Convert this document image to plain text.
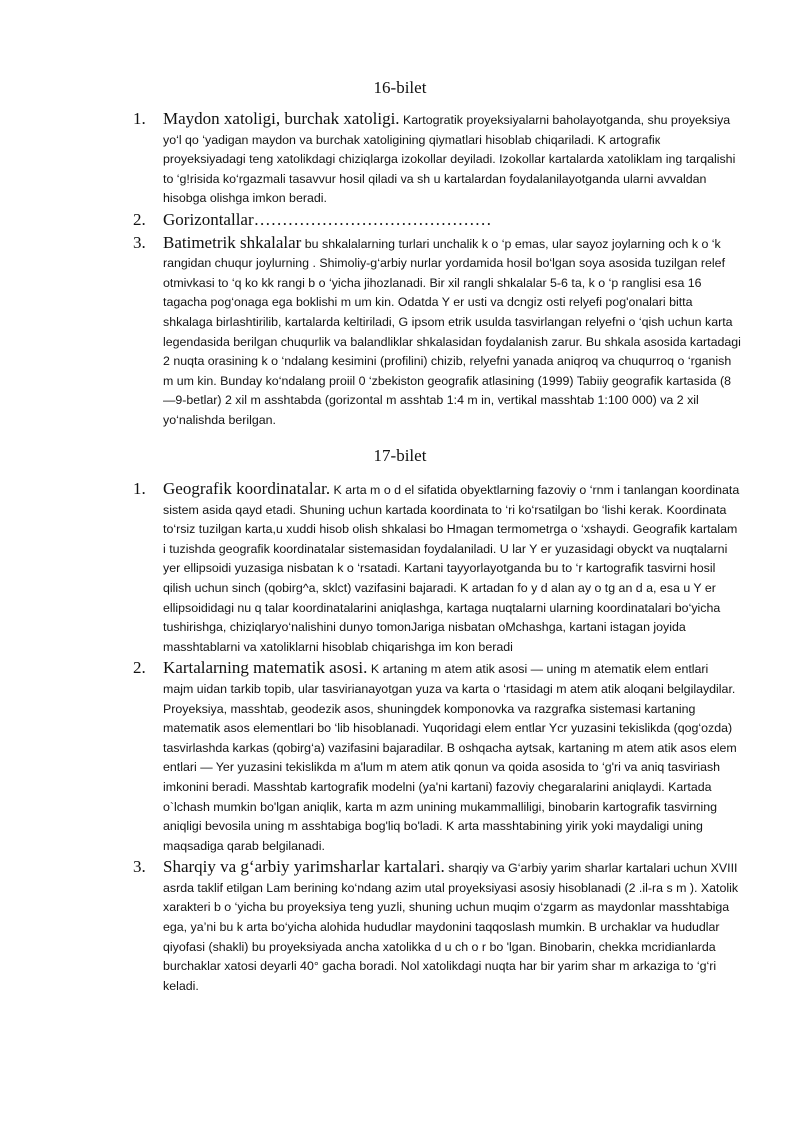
16-bilet
1. Maydon xatoligi, burchak xatoligi. Kartogratik proyeksiyalarni baholayotganda, shu proyeksiya yo‘l qo ‘yadigan maydon va burchak xatoligining qiymatlari hisoblab chiqariladi. K artografiк proyeksiyadagi teng xatolikdagi chiziqlarga izokollar deyiladi. Izokollar kartalarda xatoliklam ing tarqalishi to ‘g!risida ko‘rgazmali tasavvur hosil qiladi va sh u kartalardan foydalanilayotganda ularni avvaldan hisobga olishga imkon beradi.
2. Gorizontallar……………………………………
3. Batimetrik shkalalar bu shkalalarning turlari unchalik k o ‘p emas, ular sayoz joylarning och k o ‘k rangidan chuqur joylurning . Shimoliy-g‘arbiy nurlar yordamida hosil bo‘lgan soya asosida tuzilgan relef otmivkasi to ‘q ko kk rangi b o ‘yicha jihozlanadi. Bir xil rangli shkalalar 5-6 ta, k o ‘p ranglisi esa 16 tagacha pog‘onaga ega boklishi m um kin. Odatda Y er usti va dcngiz osti relyefi pog'onalari bitta shkalaga birlashtirilib, kartalarda keltiriladi, G ipsom etrik usulda tasvirlangan relyefni o ‘qish uchun karta legendasida berilgan chuqurlik va balandliklar shkalasidan foydalanish zarur. Bu shkala asosida kartadagi 2 nuqta orasining k o ‘ndalang kesimini (profilini) chizib, relyefni yanada aniqroq va chuqurroq o ‘rganish m um kin. Bunday ko‘ndalang proiil 0 ‘zbekiston geografik atlasining (1999) Tabiiy geografik kartasida (8—9-betlar) 2 xil m asshtabda (gorizontal m asshtab 1:4 m in, vertikal masshtab 1:100 000) va 2 xil yo‘nalishda berilgan.
17-bilet
1. Geografik koordinatalar. K arta m o d el sifatida obyektlarning fazoviy o ‘rnm i tanlangan koordinata sistem asida qayd etadi. Shuning uchun kartada koordinata to ‘ri ko‘rsatilgan bo ‘lishi kerak. Koordinata to‘rsiz tuzilgan karta,u xuddi hisob olish shkalasi bo Hmagan termometrga o ‘xshaydi. Geografik kartalam i tuzishda geografik koordinatalar sistemasidan foydalaniladi. U lar Y er yuzasidagi obyckt va nuqtalarni yer ellipsoidi yuzasiga nisbatan k o ‘rsatadi. Kartani tayyorlayotganda bu to ‘r kartografik tasvirni hosil qilish uchun sinch (qobirg^a, sklct) vazifasini bajaradi. K artadan fo y d alan ay o tg an d a, esa u Y er ellipsoididagi nu q talar koordinatalarini aniqlashga, kartaga nuqtalarni ularning koordinatalari bo‘yicha tushirishga, chiziqlaryo‘nalishini dunyo tomonJariga nisbatan oMchashga, kartani istagan joyida masshtablarni va xatoliklarni hisoblab chiqarishga im kon beradi
2. Kartalarning matematik asosi. K artaning m atem atik asosi — uning m atematik elem entlari majm uidan tarkib topib, ular tasvirianayotgan yuza va karta o ‘rtasidagi m atem atik aloqani belgilaydilar. Proyeksiya, masshtab, geodezik asos, shuningdek komponovka va razgrafka sistemasi kartaning matematik asos elementlari bo ‘lib hisoblanadi. Yuqoridagi elem entlar Ycr yuzasini tekislikda (qog‘ozda) tasvirlashda karkas (qobirg‘a) vazifasini bajaradilar. B oshqacha aytsak, kartaning m atem atik asos elem entlari — Yer yuzasini tekislikda m a'lum m atem atik qonun va qoida asosida to ‘g'ri va aniq tasviriash imkonini beradi. Masshtab kartografik modelni (ya'ni kartani) fazoviy chegaralarini aniqlaydi. Kartada o`lchash mumkin bo'lgan aniqlik, karta m azm unining mukammalliligi, binobarin kartografik tasvirning aniqligi bevosila uning m asshtabiga bog'liq bo'ladi. K arta masshtabining yirik yoki maydaligi uning maqsadiga qarab belgilanadi.
3. Sharqiy va g‘arbiy yarimsharlar kartalari. sharqiy va G‘arbiy yarim sharlar kartalari uchun XVIII asrda taklif etilgan Lam berining ko‘ndang azim utal proyeksiyasi asosiy hisoblanadi (2 .il-ra s m ). Xatolik xarakteri b o ‘yicha bu proyeksiya teng yuzli, shuning uchun muqim o‘zgarm as maydonlar masshtabiga ega, ya’ni bu k arta bo‘yicha alohida hududlar maydonini taqqoslash mumkin. B urchaklar va hududlar qiyofasi (shakli) bu proyeksiyada ancha xatolikka d u ch o r bo 'lgan. Binobarin, chekka mcridianlarda burchaklar xatosi deyarli 40° gacha boradi. Nol xatolikdagi nuqta har bir yarim shar m arkaziga to ‘g‘ri keladi.
